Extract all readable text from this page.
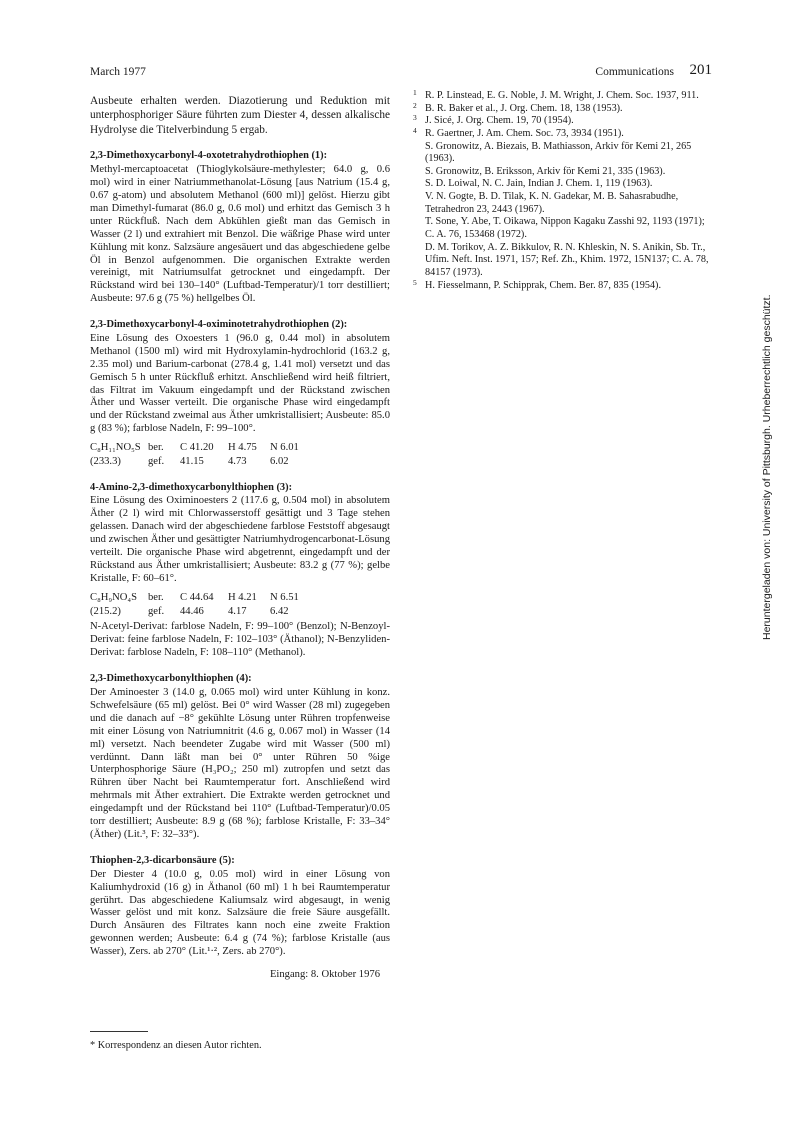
March 1977	Communications 201

Ausbeute erhalten werden. Diazotierung und Reduktion mit unterphosphoriger Säure führten zum Diester 4, dessen alkalische Hydrolyse die Titelverbindung 5 ergab.

2,3-Dimethoxycarbonyl-4-oxotetrahydrothiophen (1):

Methyl-mercaptoacetat (Thioglykolsäure-methylester; 64.0 g, 0.6 mol) wird in einer Natriummethanolat-Lösung [aus Natrium (15.4 g, 0.67 g-atom) und absolutem Methanol (600 ml)] gelöst. Hierzu gibt man Dimethyl-fumarat (86.0 g, 0.6 mol) und erhitzt das Gemisch 3 h unter Rückfluß. Nach dem Abkühlen gießt man das Gemisch in Wasser (2 l) und extrahiert mit Benzol. Die wäßrige Phase wird unter Kühlung mit konz. Salzsäure angesäuert und das abgeschiedene gelbe Öl in Benzol aufgenommen. Die organischen Extrakte werden vereinigt, mit Natriumsulfat getrocknet und eingedampft. Der Rückstand wird bei 130–140° (Luftbad-Temperatur)/1 torr destilliert; Ausbeute: 97.6 g (75 %) hellgelbes Öl.

2,3-Dimethoxycarbonyl-4-oximinotetrahydrothiophen (2):

Eine Lösung des Oxoesters 1 (96.0 g, 0.44 mol) in absolutem Methanol (1500 ml) wird mit Hydroxylamin-hydrochlorid (163.2 g, 2.35 mol) und Barium-carbonat (278.4 g, 1.41 mol) versetzt und das Gemisch 5 h unter Rückfluß erhitzt. Anschließend wird heiß filtriert, das Filtrat im Vakuum eingedampft und der Rückstand zwischen Äther und Wasser verteilt. Die organische Phase wird eingedampft und der Rückstand zweimal aus Äther umkristallisiert; Ausbeute: 85.0 g (83 %); farblose Nadeln, F: 99–100°.

C₈H₁₁NO₅S ber.	C 41.20	H 4.75	N 6.01
(233.3)	gef.	41.15	4.73	6.02
4-Amino-2,3-dimethoxycarbonylthiophen (3):

Eine Lösung des Oximinoesters 2 (117.6 g, 0.504 mol) in absolutem Äther (2 l) wird mit Chlorwasserstoff gesättigt und 3 Tage stehen gelassen. Danach wird der abgeschiedene farblose Feststoff abgesaugt und zwischen Äther und gesättigter Natriumhydrogencarbonat-Lösung verteilt. Die organische Phase wird abgetrennt, eingedampft und der Rückstand aus Äther umkristallisiert; Ausbeute: 83.2 g (77 %); gelbe Kristalle, F: 60–61°.

C₈H₉NO₄S	ber.	C 44.64	H 4.21	N 6.51
(215.2)	gef.	44.46	4.17	6.42

N-Acetyl-Derivat: farblose Nadeln, F: 99–100° (Benzol); N-Benzoyl-Derivat: feine farblose Nadeln, F: 102–103° (Äthanol); N-Benzyliden-Derivat: farblose Nadeln, F: 108–110° (Methanol).

2,3-Dimethoxycarbonylthiophen (4):

Der Aminoester 3 (14.0 g, 0.065 mol) wird unter Kühlung in konz. Schwefelsäure (65 ml) gelöst. Bei 0° wird Wasser (28 ml) zugegeben und die danach auf −8° gekühlte Lösung unter Rühren tropfenweise mit einer Lösung von Natriumnitrit (4.6 g, 0.067 mol) in Wasser (14 ml) versetzt. Nach beendeter Zugabe wird mit Wasser (500 ml) verdünnt. Dann läßt man bei 0° unter Rühren 50 %ige Unterphosphorige Säure (H₃PO₂; 250 ml) zutropfen und setzt das Rühren über Nacht bei Raumtemperatur fort. Anschließend wird mehrmals mit Äther extrahiert. Die Extrakte werden getrocknet und eingedampft und der Rückstand bei 110° (Luftbad-Temperatur)/0.05 torr destilliert; Ausbeute: 8.9 g (68 %); farblose Kristalle, F: 33–34° (Äther) (Lit.³, F: 32–33°).

Thiophen-2,3-dicarbonsäure (5):

Der Diester 4 (10.0 g, 0.05 mol) wird in einer Lösung von Kaliumhydroxid (16 g) in Äthanol (60 ml) 1 h bei Raumtemperatur gerührt. Das abgeschiedene Kaliumsalz wird abgesaugt, in wenig Wasser gelöst und mit konz. Salzsäure die freie Säure ausgefällt. Durch Ansäuren des Filtrates kann noch eine zweite Fraktion gewonnen werden; Ausbeute: 6.4 g (74 %); farblose Kristalle (aus Wasser), Zers. ab 270° (Lit.¹·², Zers. ab 270°).

Eingang: 8. Oktober 1976
1 R. P. Linstead, E. G. Noble, J. M. Wright, J. Chem. Soc. 1937, 911.
2 B. R. Baker et al., J. Org. Chem. 18, 138 (1953).
3 J. Sicé, J. Org. Chem. 19, 70 (1954).
4 R. Gaertner, J. Am. Chem. Soc. 73, 3934 (1951).
S. Gronowitz, A. Biezais, B. Mathiasson, Arkiv för Kemi 21, 265 (1963).
S. Gronowitz, B. Eriksson, Arkiv för Kemi 21, 335 (1963).
S. D. Loiwal, N. C. Jain, Indian J. Chem. 1, 119 (1963).
V. N. Gogte, B. D. Tilak, K. N. Gadekar, M. B. Sahasrabudhe, Tetrahedron 23, 2443 (1967).
T. Sone, Y. Abe, T. Oikawa, Nippon Kagaku Zasshi 92, 1193 (1971); C. A. 76, 153468 (1972).
D. M. Torikov, A. Z. Bikkulov, R. N. Khleskin, N. S. Anikin, Sb. Tr., Ufim. Neft. Inst. 1971, 157; Ref. Zh., Khim. 1972, 15N137; C. A. 78, 84157 (1973).
5 H. Fiesselmann, P. Schipprak, Chem. Ber. 87, 835 (1954).
* Korrespondenz an diesen Autor richten.
Heruntergeladen von: University of Pittsburgh. Urheberrechtlich geschützt.
